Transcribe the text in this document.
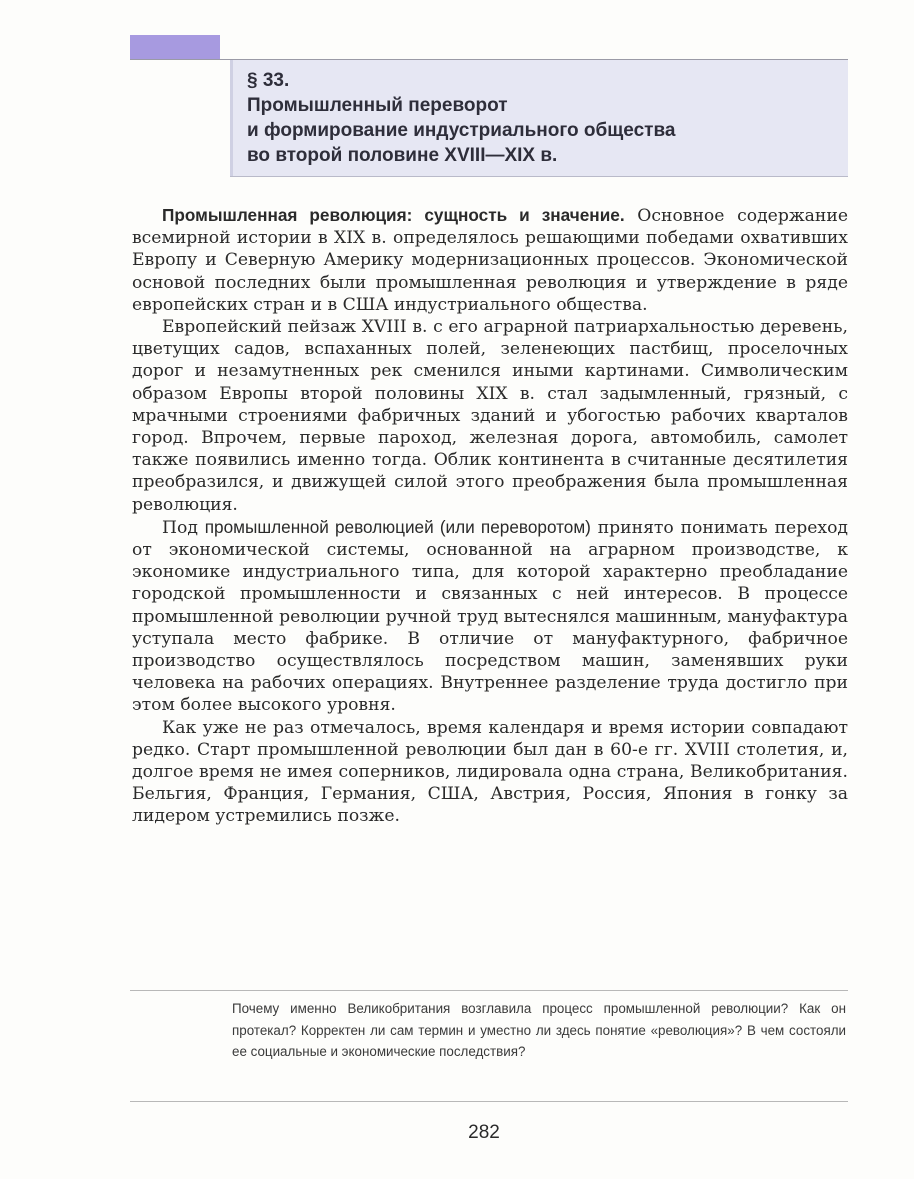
§ 33.
Промышленный переворот
и формирование индустриального общества
во второй половине XVIII—XIX в.

Промышленная революция: сущность и значение. Основное содержание всемирной истории в XIX в. определялось решающими победами охвативших Европу и Северную Америку модернизационных процессов. Экономической основой последних были промышленная революция и утверждение в ряде европейских стран и в США индустриального общества.

Европейский пейзаж XVIII в. с его аграрной патриархальностью деревень, цветущих садов, вспаханных полей, зеленеющих пастбищ, проселочных дорог и незамутненных рек сменился иными картинами. Символическим образом Европы второй половины XIX в. стал задымленный, грязный, с мрачными строениями фабричных зданий и убогостью рабочих кварталов город. Впрочем, первые пароход, железная дорога, автомобиль, самолет также появились именно тогда. Облик континента в считанные десятилетия преобразился, и движущей силой этого преображения была промышленная революция.

Под промышленной революцией (или переворотом) принято понимать переход от экономической системы, основанной на аграрном производстве, к экономике индустриального типа, для которой характерно преобладание городской промышленности и связанных с ней интересов. В процессе промышленной революции ручной труд вытеснялся машинным, мануфактура уступала место фабрике. В отличие от мануфактурного, фабричное производство осуществлялось посредством машин, заменявших руки человека на рабочих операциях. Внутреннее разделение труда достигло при этом более высокого уровня.

Как уже не раз отмечалось, время календаря и время истории совпадают редко. Старт промышленной революции был дан в 60-е гг. XVIII столетия, и, долгое время не имея соперников, лидировала одна страна, Великобритания. Бельгия, Франция, Германия, США, Австрия, Россия, Япония в гонку за лидером устремились позже.

Почему именно Великобритания возглавила процесс промышленной революции? Как он протекал? Корректен ли сам термин и уместно ли здесь понятие «революция»? В чем состояли ее социальные и экономические последствия?
282
